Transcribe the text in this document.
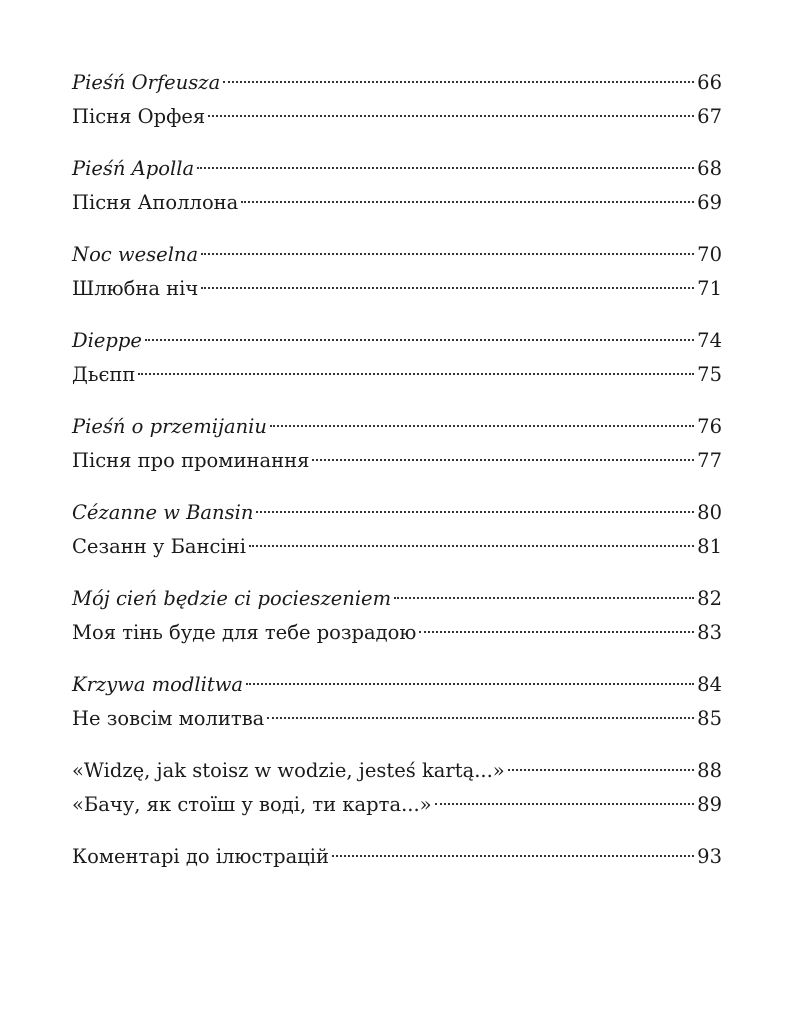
Pieśń Orfeusza	66
Пісня Орфея	67
Pieśń Apolla	68
Пісня Аполлона	69
Noc weselna	70
Шлюбна ніч	71
Dieppe	74
Дьєпп	75
Pieśń o przemijaniu	76
Пісня про проминання	77
Cézanne w Bansin	80
Сезанн у Бансіні	81
Mój cień będzie ci pocieszeniem	82
Моя тінь буде для тебе розрадою	83
Krzywa modlitwa	84
Не зовсім молитва	85
«Widzę, jak stoisz w wodzie, jesteś kartą...»	88
«Бачу, як стоїш у воді, ти карта...»	89
Коментарі до ілюстрацій	93
